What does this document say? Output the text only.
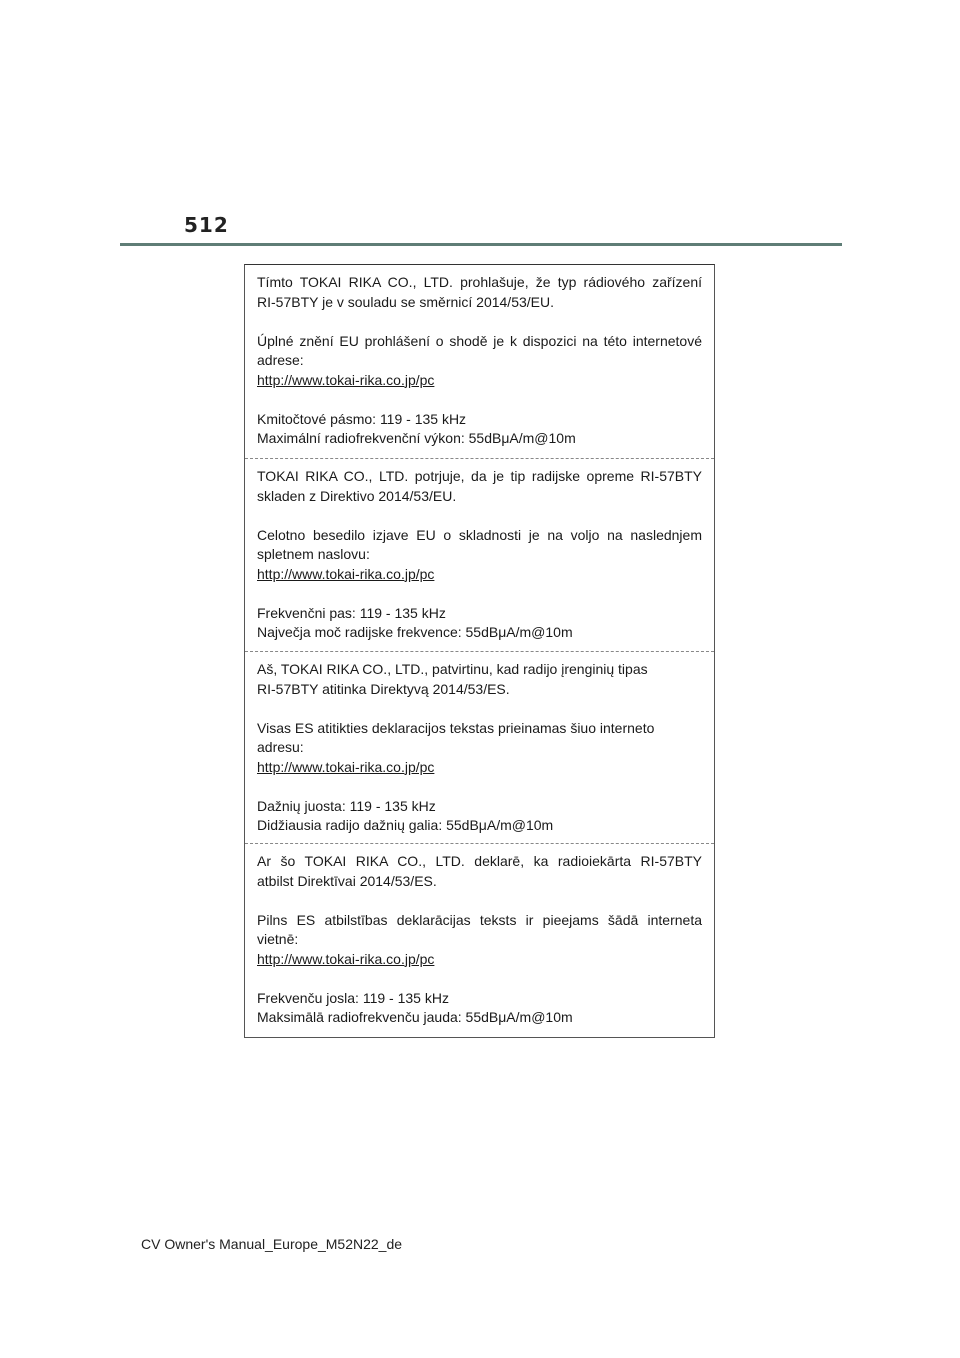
512

Tímto TOKAI RIKA CO., LTD. prohlašuje, že typ rádiového zařízení

RI-57BTY je v souladu se směrnicí 2014/53/EU.

Úplné znění EU prohlášení o shodě je k dispozici na této internetové

adrese:

http://www.tokai-rika.co.jp/pc

Kmitočtové pásmo: 119 - 135 kHz

Maximální radiofrekvenční výkon: 55dBμA/m@10m

TOKAI RIKA CO., LTD. potrjuje, da je tip radijske opreme RI-57BTY

skladen z Direktivo 2014/53/EU.

Celotno besedilo izjave EU o skladnosti je na voljo na naslednjem

spletnem naslovu:

http://www.tokai-rika.co.jp/pc

Frekvenčni pas: 119 - 135 kHz

Največja moč radijske frekvence: 55dBμA/m@10m

Aš, TOKAI RIKA CO., LTD., patvirtinu, kad radijo įrenginių tipas

RI-57BTY atitinka Direktyvą 2014/53/ES.

Visas ES atitikties deklaracijos tekstas prieinamas šiuo interneto

adresu:

http://www.tokai-rika.co.jp/pc

Dažnių juosta: 119 - 135 kHz

Didžiausia radijo dažnių galia: 55dBμA/m@10m

Ar šo TOKAI RIKA CO., LTD. deklarē, ka radioiekārta RI-57BTY

atbilst Direktīvai 2014/53/ES.

Pilns ES atbilstības deklarācijas teksts ir pieejams šādā interneta

vietnē:

http://www.tokai-rika.co.jp/pc

Frekvenču josla: 119 - 135 kHz

Maksimālā radiofrekvenču jauda: 55dBμA/m@10m

CV Owner's Manual_Europe_M52N22_de
